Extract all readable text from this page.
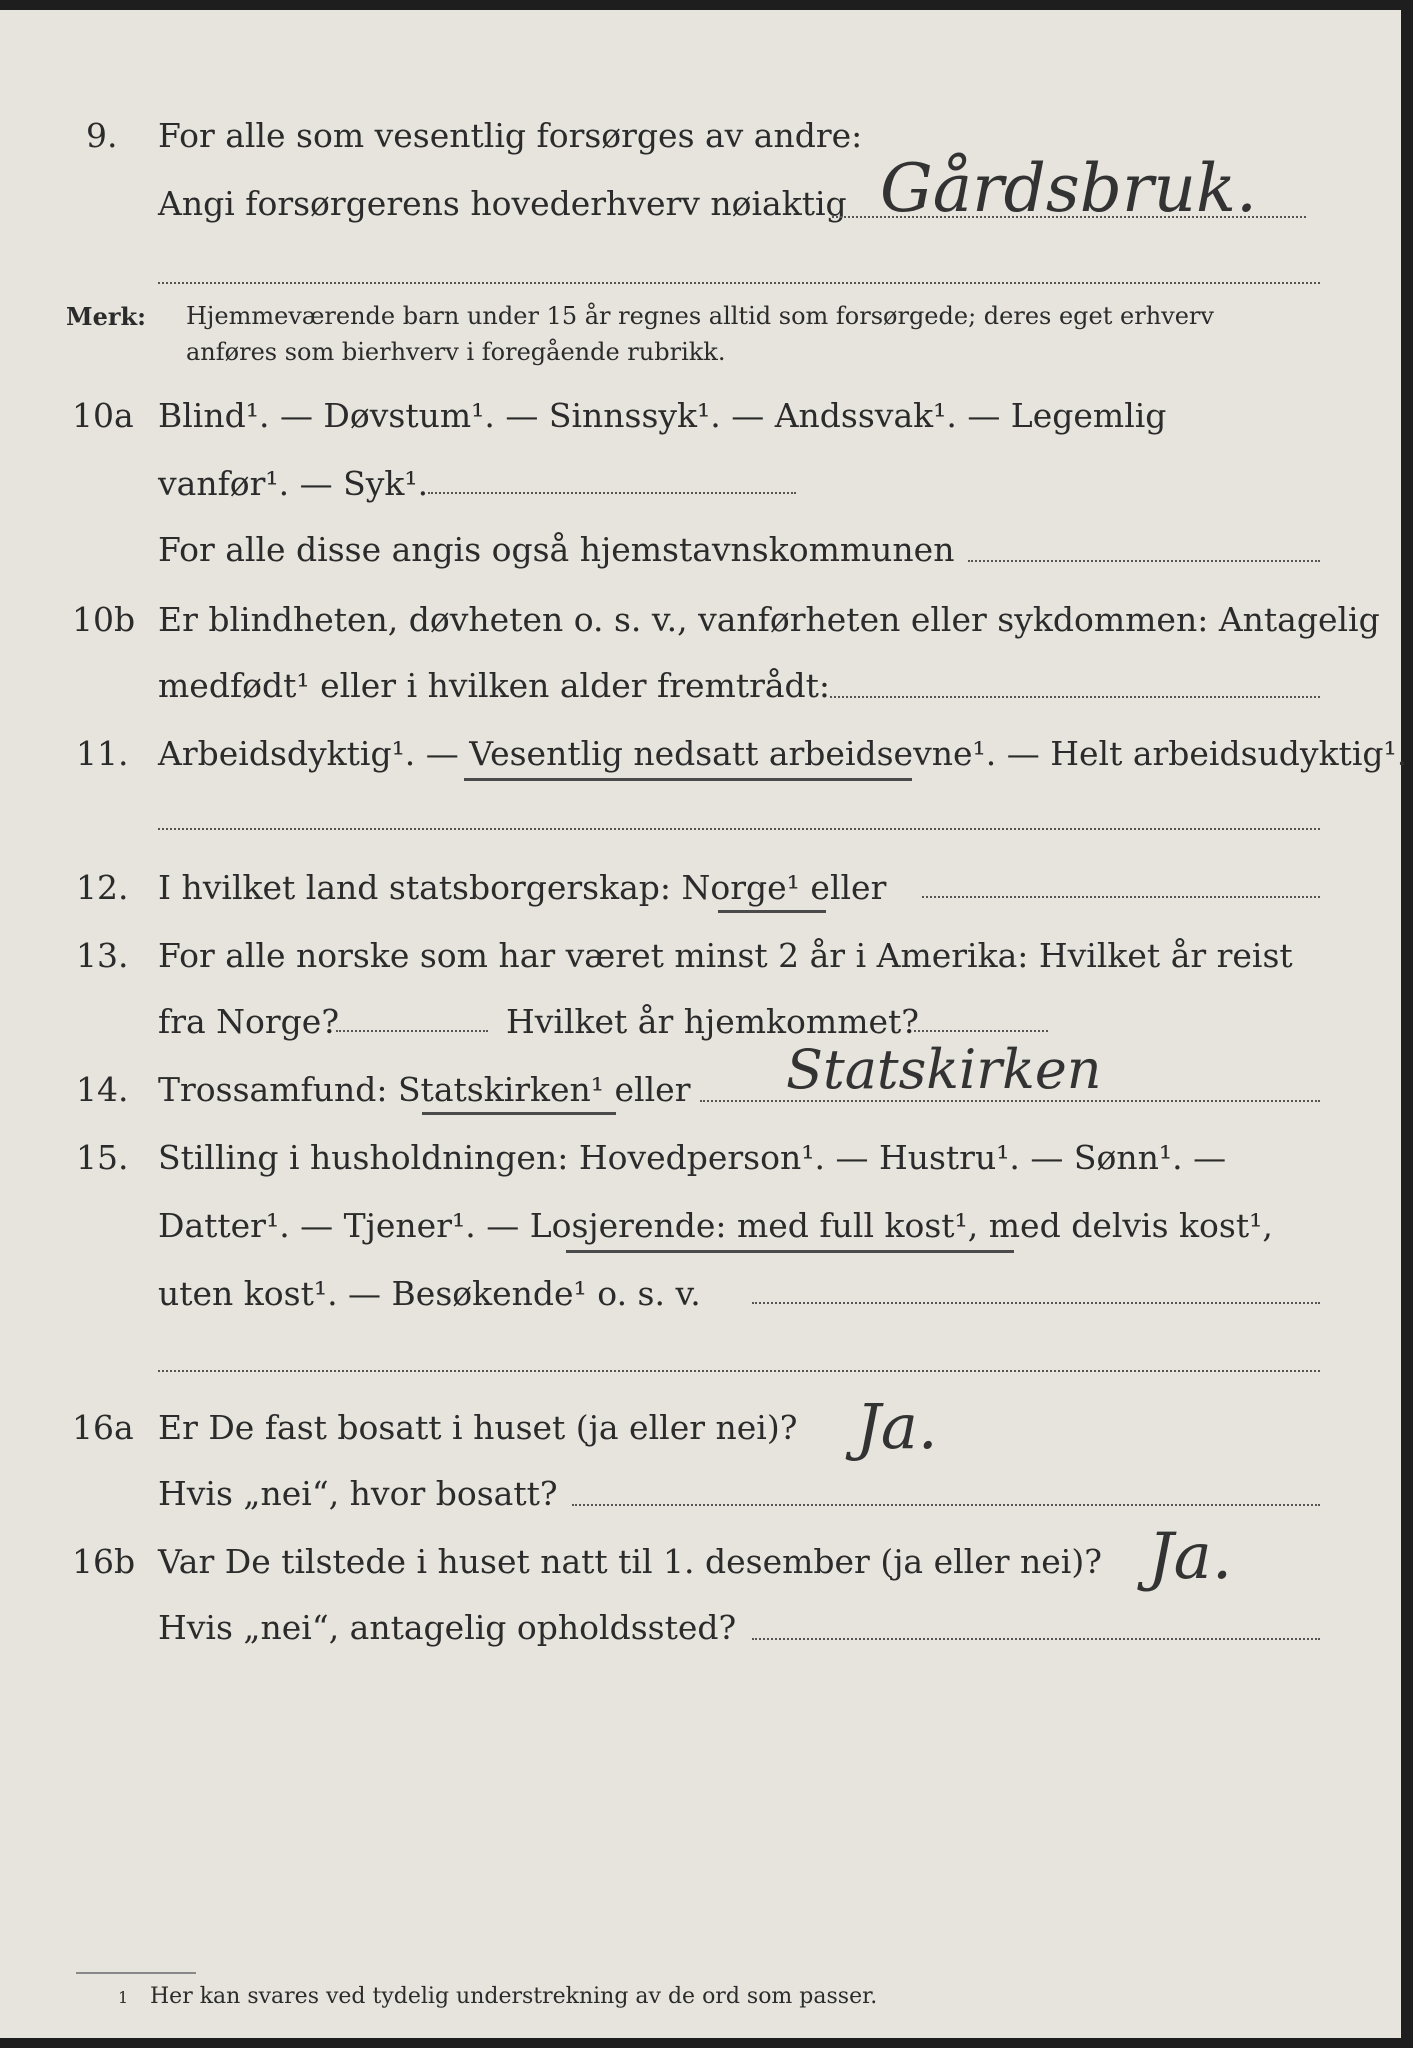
9. For alle som vesentlig forsørges av andre:
Angi forsørgerens hovederhverv nøiaktig Gårdsbruk.
Merk: Hjemmeværende barn under 15 år regnes alltid som forsørgede; deres eget erhverv
anføres som bierhverv i foregående rubrikk.
10a Blind¹. — Døvstum¹. — Sinnssyk¹. — Andssvak¹. — Legemlig
vanfør¹. — Syk¹.
For alle disse angis også hjemstavnskommunen
10b Er blindheten, døvheten o. s. v., vanførheten eller sykdommen: Antagelig
medfødt¹ eller i hvilken alder fremtrådt:
11. Arbeidsdyktig¹. — Vesentlig nedsatt arbeidsevne¹. — Helt arbeidsudyktig¹.
12. I hvilket land statsborgerskap: Norge¹ eller
13. For alle norske som har været minst 2 år i Amerika: Hvilket år reist
fra Norge?	Hvilket år hjemkommet?
14. Trossamfund: Statskirken¹ eller Statskirken
15. Stilling i husholdningen: Hovedperson¹. — Hustru¹. — Sønn¹. —
Datter¹. — Tjener¹. — Losjerende: med full kost¹, med delvis kost¹,
uten kost¹. — Besøkende¹ o. s. v.
16a Er De fast bosatt i huset (ja eller nei)? Ja.
Hvis „nei“, hvor bosatt?
16b Var De tilstede i huset natt til 1. desember (ja eller nei)? Ja.
Hvis „nei“, antagelig opholdssted?
1 Her kan svares ved tydelig understrekning av de ord som passer.
